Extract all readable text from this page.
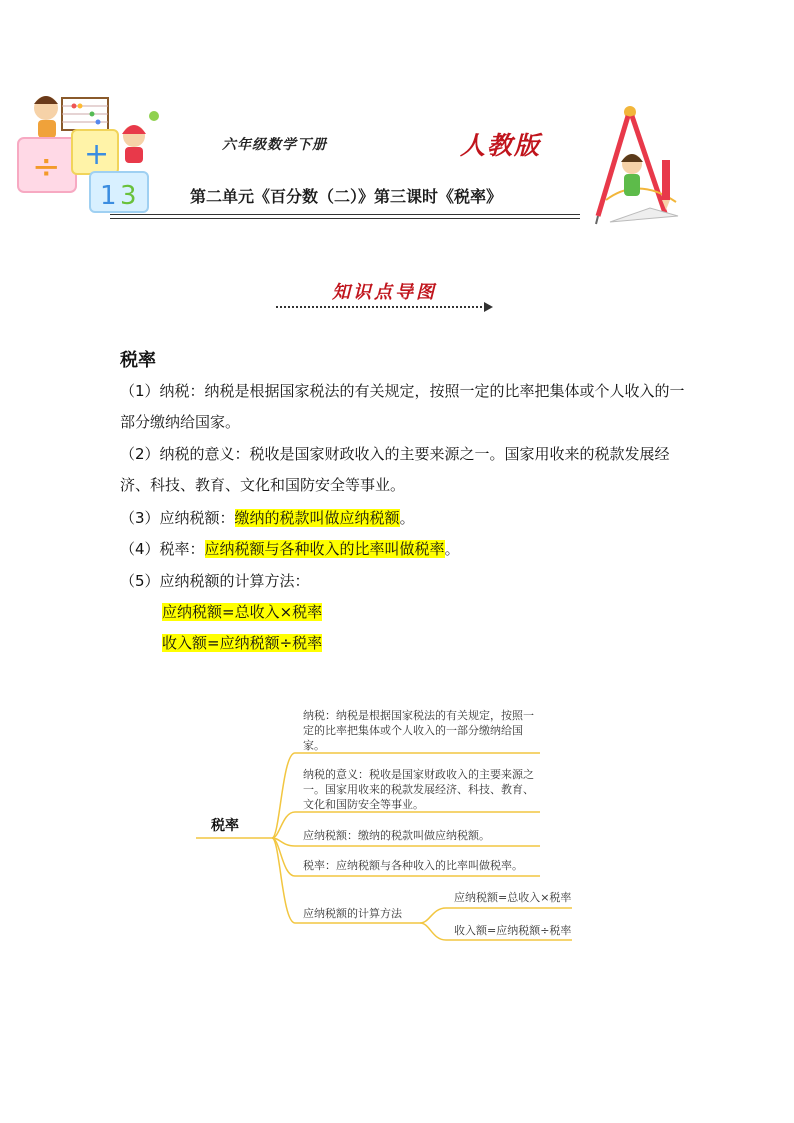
÷ +
1 3
六年级数学下册	人教版
第二单元《百分数（二）》第三课时《税率》
知识点导图
税率
（1）纳税：纳税是根据国家税法的有关规定，按照一定的比率把集体或个人收入的一部分缴纳给国家。
（2）纳税的意义：税收是国家财政收入的主要来源之一。国家用收来的税款发展经济、科技、教育、文化和国防安全等事业。
（3）应纳税额：缴纳的税款叫做应纳税额。
（4）税率：应纳税额与各种收入的比率叫做税率。
（5）应纳税额的计算方法：
应纳税额=总收入×税率
收入额=应纳税额÷税率
税率
纳税：纳税是根据国家税法的有关规定，按照一
定的比率把集体或个人收入的一部分缴纳给国
家。
纳税的意义：税收是国家财政收入的主要来源之
一。国家用收来的税款发展经济、科技、教育、
文化和国防安全等事业。
应纳税额：缴纳的税款叫做应纳税额。
税率：应纳税额与各种收入的比率叫做税率。
应纳税额的计算方法
应纳税额=总收入×税率
收入额=应纳税额÷税率
